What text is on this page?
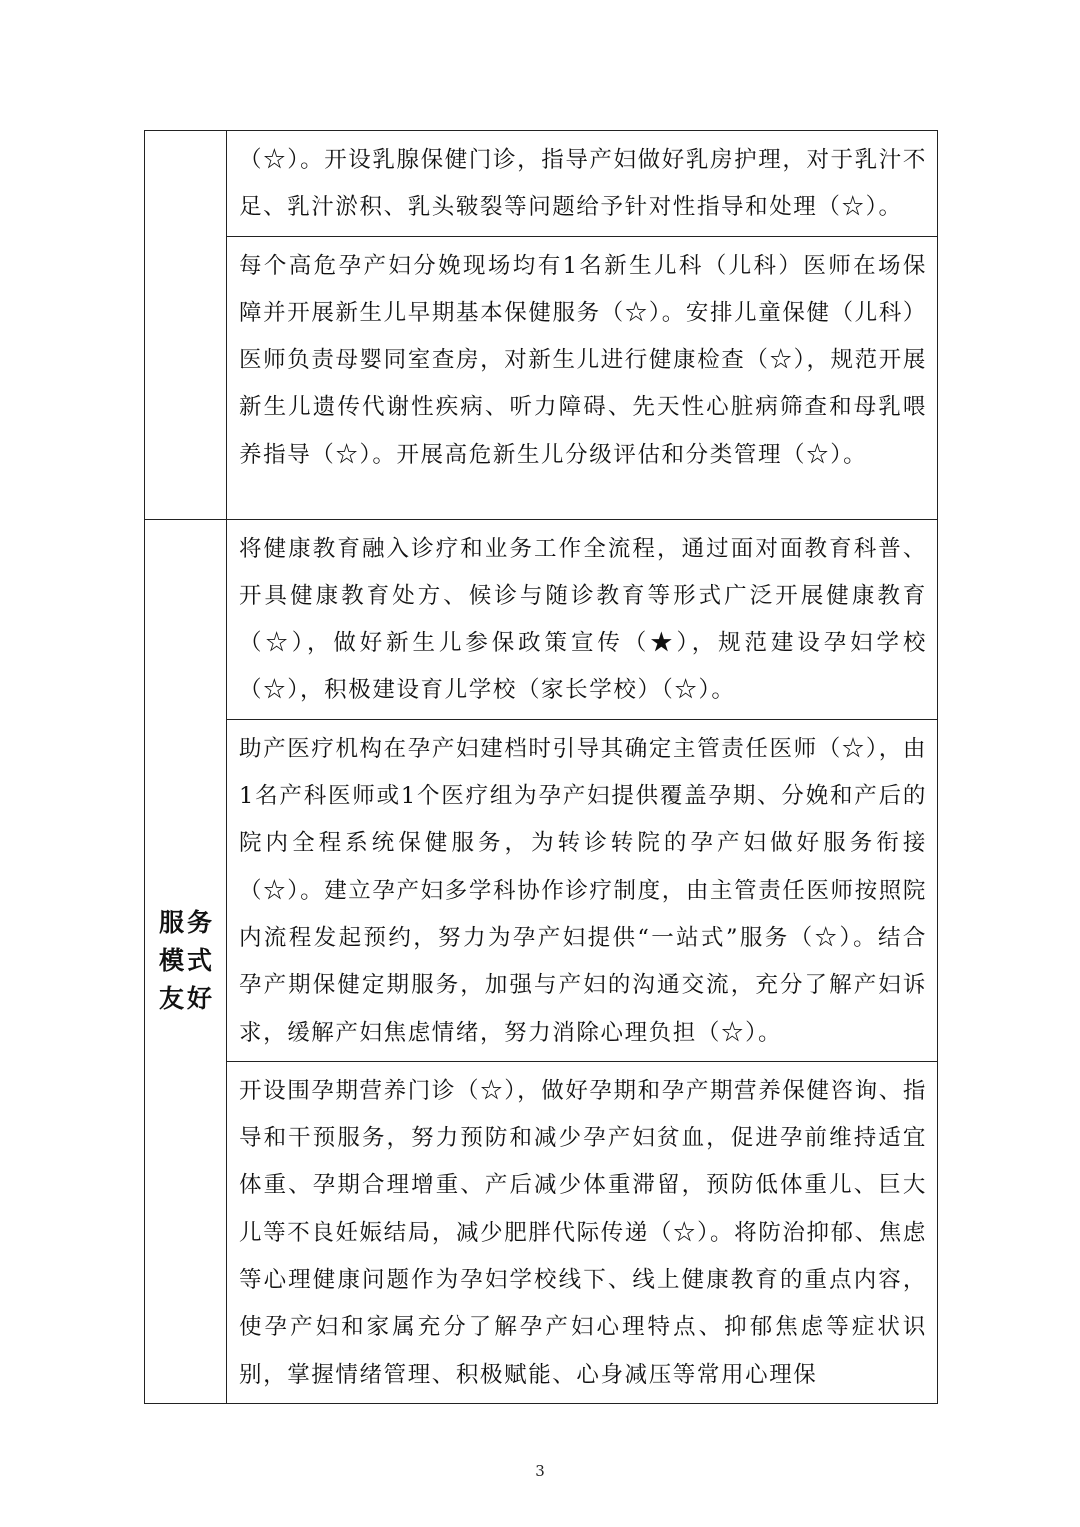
	（☆）。开设乳腺保健门诊，指导产妇做好乳房护理，对于乳汁不足、乳汁淤积、乳头皲裂等问题给予针对性指导和处理（☆）。

	每个高危孕产妇分娩现场均有1名新生儿科（儿科）医师在场保障并开展新生儿早期基本保健服务（☆）。安排儿童保健（儿科）医师负责母婴同室查房，对新生儿进行健康检查（☆），规范开展新生儿遗传代谢性疾病、听力障碍、先天性心脏病筛查和母乳喂养指导（☆）。开展高危新生儿分级评估和分类管理（☆）。

服务
模式
友好	将健康教育融入诊疗和业务工作全流程，通过面对面教育科普、开具健康教育处方、候诊与随诊教育等形式广泛开展健康教育（☆），做好新生儿参保政策宣传（★），规范建设孕妇学校（☆），积极建设育儿学校（家长学校）（☆）。

	助产医疗机构在孕产妇建档时引导其确定主管责任医师（☆），由1名产科医师或1个医疗组为孕产妇提供覆盖孕期、分娩和产后的院内全程系统保健服务，为转诊转院的孕产妇做好服务衔接（☆）。建立孕产妇多学科协作诊疗制度，由主管责任医师按照院内流程发起预约，努力为孕产妇提供“一站式”服务（☆）。结合孕产期保健定期服务，加强与产妇的沟通交流，充分了解产妇诉求，缓解产妇焦虑情绪，努力消除心理负担（☆）。

	开设围孕期营养门诊（☆），做好孕期和孕产期营养保健咨询、指导和干预服务，努力预防和减少孕产妇贫血，促进孕前维持适宜体重、孕期合理增重、产后减少体重滞留，预防低体重儿、巨大儿等不良妊娠结局，减少肥胖代际传递（☆）。将防治抑郁、焦虑等心理健康问题作为孕妇学校线下、线上健康教育的重点内容，使孕产妇和家属充分了解孕产妇心理特点、抑郁焦虑等症状识别，掌握情绪管理、积极赋能、心身减压等常用心理保
3
